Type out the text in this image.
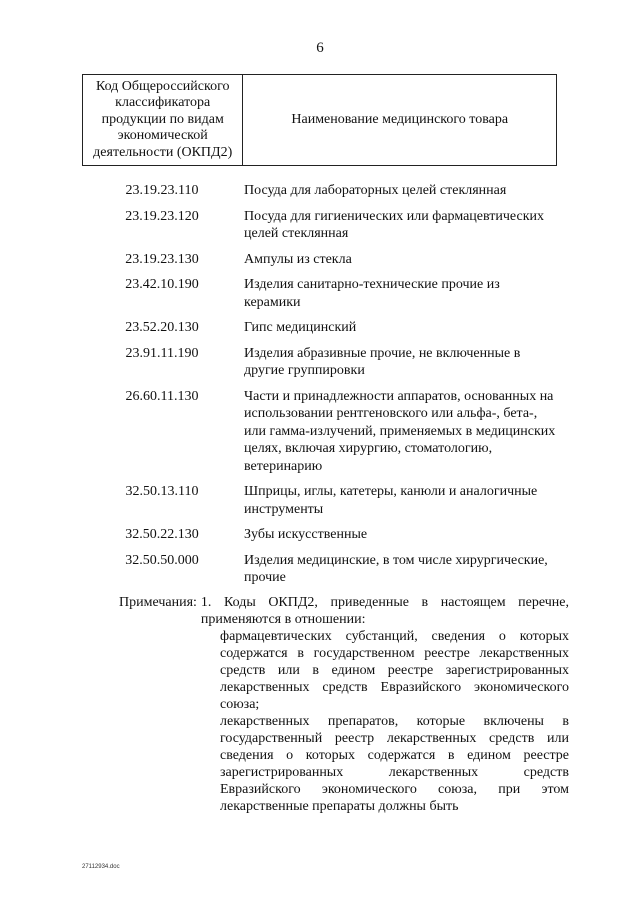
6
Код Общероссийского классификатора продукции по видам экономической деятельности (ОКПД2)	Наименование медицинского товара
23.19.23.110	Посуда для лабораторных целей стеклянная
23.19.23.120	Посуда для гигиенических или фармацевтических целей стеклянная
23.19.23.130	Ампулы из стекла
23.42.10.190	Изделия санитарно-технические прочие из керамики
23.52.20.130	Гипс медицинский
23.91.11.190	Изделия абразивные прочие, не включенные в другие группировки
26.60.11.130	Части и принадлежности аппаратов, основанных на использовании рентгеновского или альфа-, бета-, или гамма-излучений, применяемых в медицинских целях, включая хирургию, стоматологию, ветеринарию
32.50.13.110	Шприцы, иглы, катетеры, канюли и аналогичные инструменты
32.50.22.130	Зубы искусственные
32.50.50.000	Изделия медицинские, в том числе хирургические, прочие
Примечания: 1. Коды ОКПД2, приведенные в настоящем перечне, применяются в отношении:
фармацевтических субстанций, сведения о которых содержатся в государственном реестре лекарственных средств или в едином реестре зарегистрированных лекарственных средств Евразийского экономического союза;
лекарственных препаратов, которые включены в государственный реестр лекарственных средств или сведения о которых содержатся в едином реестре зарегистрированных лекарственных средств Евразийского экономического союза, при этом лекарственные препараты должны быть
27112934.doc
